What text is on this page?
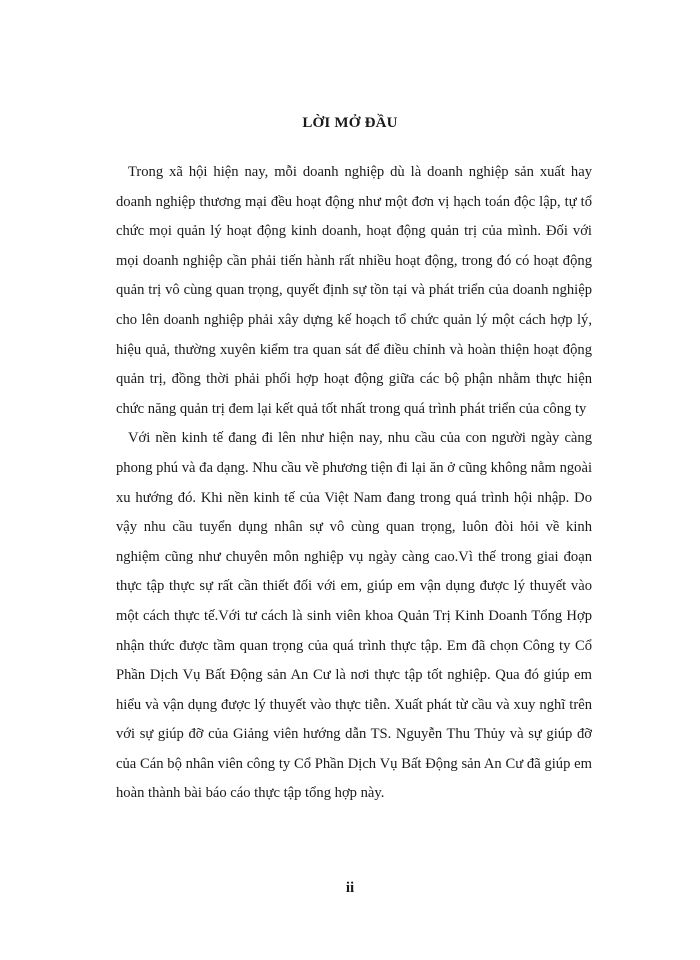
LỜI MỞ ĐẦU

Trong xã hội hiện nay, mỗi doanh nghiệp dù là doanh nghiệp sản xuất hay doanh nghiệp thương mại đều hoạt động như một đơn vị hạch toán độc lập, tự tổ chức mọi quản lý hoạt động kinh doanh, hoạt động quản trị của mình. Đối với mọi doanh nghiệp cần phải tiến hành rất nhiều hoạt động, trong đó có hoạt động quản trị vô cùng quan trọng, quyết định sự tồn tại và phát triển của doanh nghiệp cho lên doanh nghiệp phải xây dựng kế hoạch tổ chức quản lý một cách hợp lý, hiệu quả, thường xuyên kiểm tra quan sát để điều chỉnh và hoàn thiện hoạt động quản trị, đồng thời phải phối hợp hoạt động giữa các bộ phận nhằm thực hiện chức năng quản trị đem lại kết quả tốt nhất trong quá trình phát triển của công ty

Với nền kinh tế đang đi lên như hiện nay, nhu cầu của con người ngày càng phong phú và đa dạng. Nhu cầu về phương tiện đi lại ăn ở cũng không nằm ngoài xu hướng đó. Khi nền kinh tế của Việt Nam đang trong quá trình hội nhập. Do vậy nhu cầu tuyển dụng nhân sự vô cùng quan trọng, luôn đòi hỏi về kinh nghiệm cũng như chuyên môn nghiệp vụ ngày càng cao.Vì thế trong giai đoạn thực tập thực sự rất cần thiết đối với em, giúp em vận dụng được lý thuyết vào một cách thực tế.Với tư cách là sinh viên khoa Quản Trị Kinh Doanh Tổng Hợp nhận thức được tầm quan trọng của quá trình thực tập. Em đã chọn Công ty Cổ Phần Dịch Vụ Bất Động sản An Cư là nơi thực tập tốt nghiệp. Qua đó giúp em hiểu và vận dụng được lý thuyết vào thực tiễn. Xuất phát từ cầu và xuy nghĩ trên với sự giúp đỡ của Giảng viên hướng dẫn TS. Nguyễn Thu Thủy và sự giúp đỡ của Cán bộ nhân viên công ty Cổ Phần Dịch Vụ Bất Động sản An Cư đã giúp em hoàn thành bài báo cáo thực tập tổng hợp này.

ii
